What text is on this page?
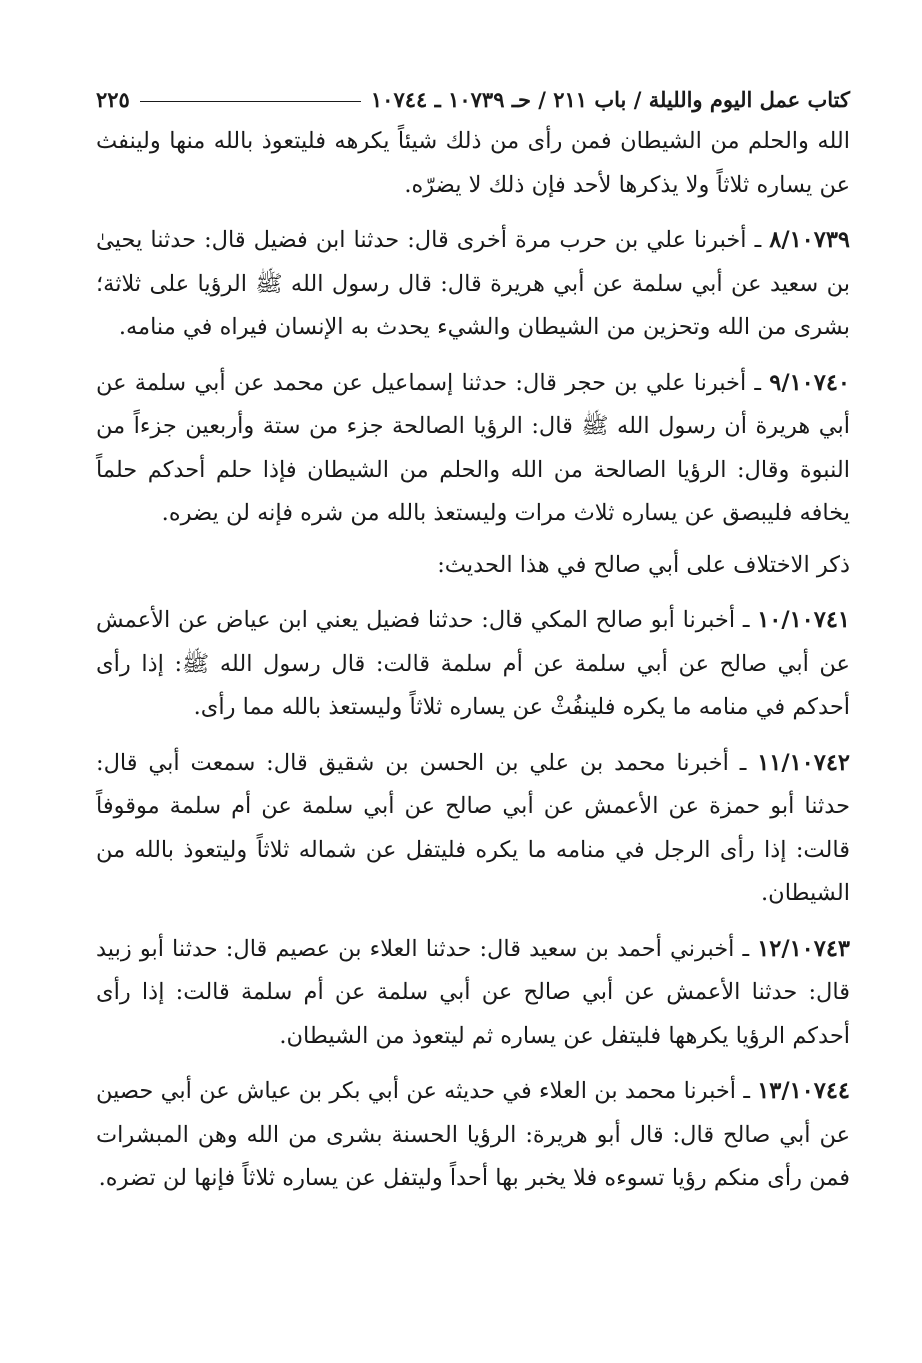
كتاب عمل اليوم والليلة / باب ٢١١ / حـ ١٠٧٣٩ ـ ١٠٧٤٤
٢٢٥

الله والحلم من الشيطان فمن رأى من ذلك شيئاً يكرهه فليتعوذ بالله منها ولينفث عن يساره ثلاثاً ولا يذكرها لأحد فإن ذلك لا يضرّه.

٨/١٠٧٣٩ ـ أخبرنا علي بن حرب مرة أخرى قال: حدثنا ابن فضيل قال: حدثنا يحيىٰ بن سعيد عن أبي سلمة عن أبي هريرة قال: قال رسول الله ﷺ الرؤيا على ثلاثة؛ بشرى من الله وتحزين من الشيطان والشيء يحدث به الإنسان فيراه في منامه.

٩/١٠٧٤٠ ـ أخبرنا علي بن حجر قال: حدثنا إسماعيل عن محمد عن أبي سلمة عن أبي هريرة أن رسول الله ﷺ قال: الرؤيا الصالحة جزء من ستة وأربعين جزءاً من النبوة وقال: الرؤيا الصالحة من الله والحلم من الشيطان فإذا حلم أحدكم حلماً يخافه فليبصق عن يساره ثلاث مرات وليستعذ بالله من شره فإنه لن يضره.

ذكر الاختلاف على أبي صالح في هذا الحديث:

١٠/١٠٧٤١ ـ أخبرنا أبو صالح المكي قال: حدثنا فضيل يعني ابن عياض عن الأعمش عن أبي صالح عن أبي سلمة عن أم سلمة قالت: قال رسول الله ﷺ: إذا رأى أحدكم في منامه ما يكره فلينفُثْ عن يساره ثلاثاً وليستعذ بالله مما رأى.

١١/١٠٧٤٢ ـ أخبرنا محمد بن علي بن الحسن بن شقيق قال: سمعت أبي قال: حدثنا أبو حمزة عن الأعمش عن أبي صالح عن أبي سلمة عن أم سلمة موقوفاً قالت: إذا رأى الرجل في منامه ما يكره فليتفل عن شماله ثلاثاً وليتعوذ بالله من الشيطان.

١٢/١٠٧٤٣ ـ أخبرني أحمد بن سعيد قال: حدثنا العلاء بن عصيم قال: حدثنا أبو زبيد قال: حدثنا الأعمش عن أبي صالح عن أبي سلمة عن أم سلمة قالت: إذا رأى أحدكم الرؤيا يكرهها فليتفل عن يساره ثم ليتعوذ من الشيطان.

١٣/١٠٧٤٤ ـ أخبرنا محمد بن العلاء في حديثه عن أبي بكر بن عياش عن أبي حصين عن أبي صالح قال: قال أبو هريرة: الرؤيا الحسنة بشرى من الله وهن المبشرات فمن رأى منكم رؤيا تسوءه فلا يخبر بها أحداً وليتفل عن يساره ثلاثاً فإنها لن تضره.
